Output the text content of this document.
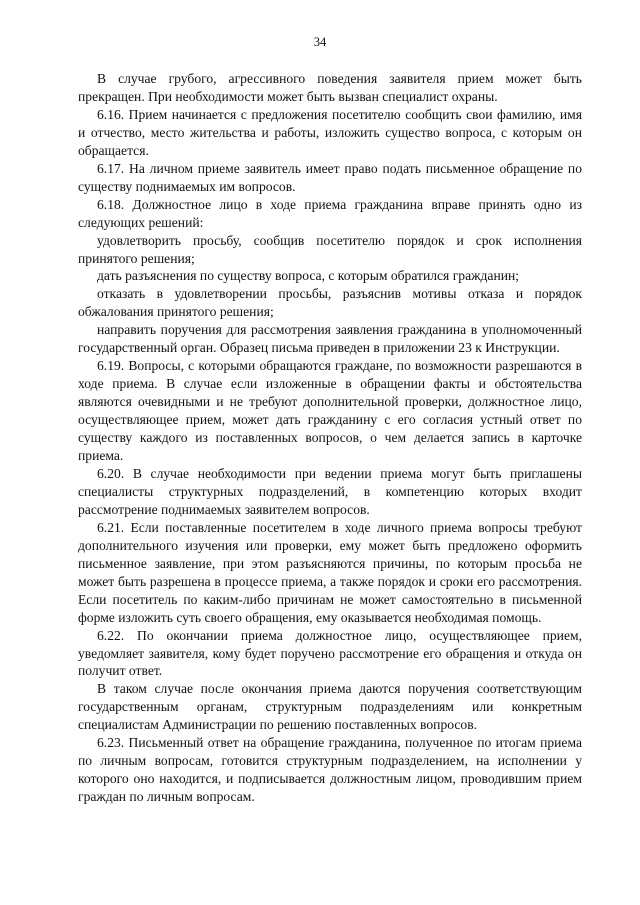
34

В случае грубого, агрессивного поведения заявителя прием может быть прекращен. При необходимости может быть вызван специалист охраны.

6.16. Прием начинается с предложения посетителю сообщить свои фамилию, имя и отчество, место жительства и работы, изложить существо вопроса, с которым он обращается.

6.17. На личном приеме заявитель имеет право подать письменное обращение по существу поднимаемых им вопросов.

6.18. Должностное лицо в ходе приема гражданина вправе принять одно из следующих решений:

удовлетворить просьбу, сообщив посетителю порядок и срок исполнения принятого решения;

дать разъяснения по существу вопроса, с которым обратился гражданин;

отказать в удовлетворении просьбы, разъяснив мотивы отказа и порядок обжалования принятого решения;

направить поручения для рассмотрения заявления гражданина в уполномоченный государственный орган. Образец письма приведен в приложении 23 к Инструкции.

6.19. Вопросы, с которыми обращаются граждане, по возможности разрешаются в ходе приема. В случае если изложенные в обращении факты и обстоятельства являются очевидными и не требуют дополнительной проверки, должностное лицо, осуществляющее прием, может дать гражданину с его согласия устный ответ по существу каждого из поставленных вопросов, о чем делается запись в карточке приема.

6.20. В случае необходимости при ведении приема могут быть приглашены специалисты структурных подразделений, в компетенцию которых входит рассмотрение поднимаемых заявителем вопросов.

6.21. Если поставленные посетителем в ходе личного приема вопросы требуют дополнительного изучения или проверки, ему может быть предложено оформить письменное заявление, при этом разъясняются причины, по которым просьба не может быть разрешена в процессе приема, а также порядок и сроки его рассмотрения. Если посетитель по каким-либо причинам не может самостоятельно в письменной форме изложить суть своего обращения, ему оказывается необходимая помощь.

6.22. По окончании приема должностное лицо, осуществляющее прием, уведомляет заявителя, кому будет поручено рассмотрение его обращения и откуда он получит ответ.

В таком случае после окончания приема даются поручения соответствующим государственным органам, структурным подразделениям или конкретным специалистам Администрации по решению поставленных вопросов.

6.23. Письменный ответ на обращение гражданина, полученное по итогам приема по личным вопросам, готовится структурным подразделением, на исполнении у которого оно находится, и подписывается должностным лицом, проводившим прием граждан по личным вопросам.
